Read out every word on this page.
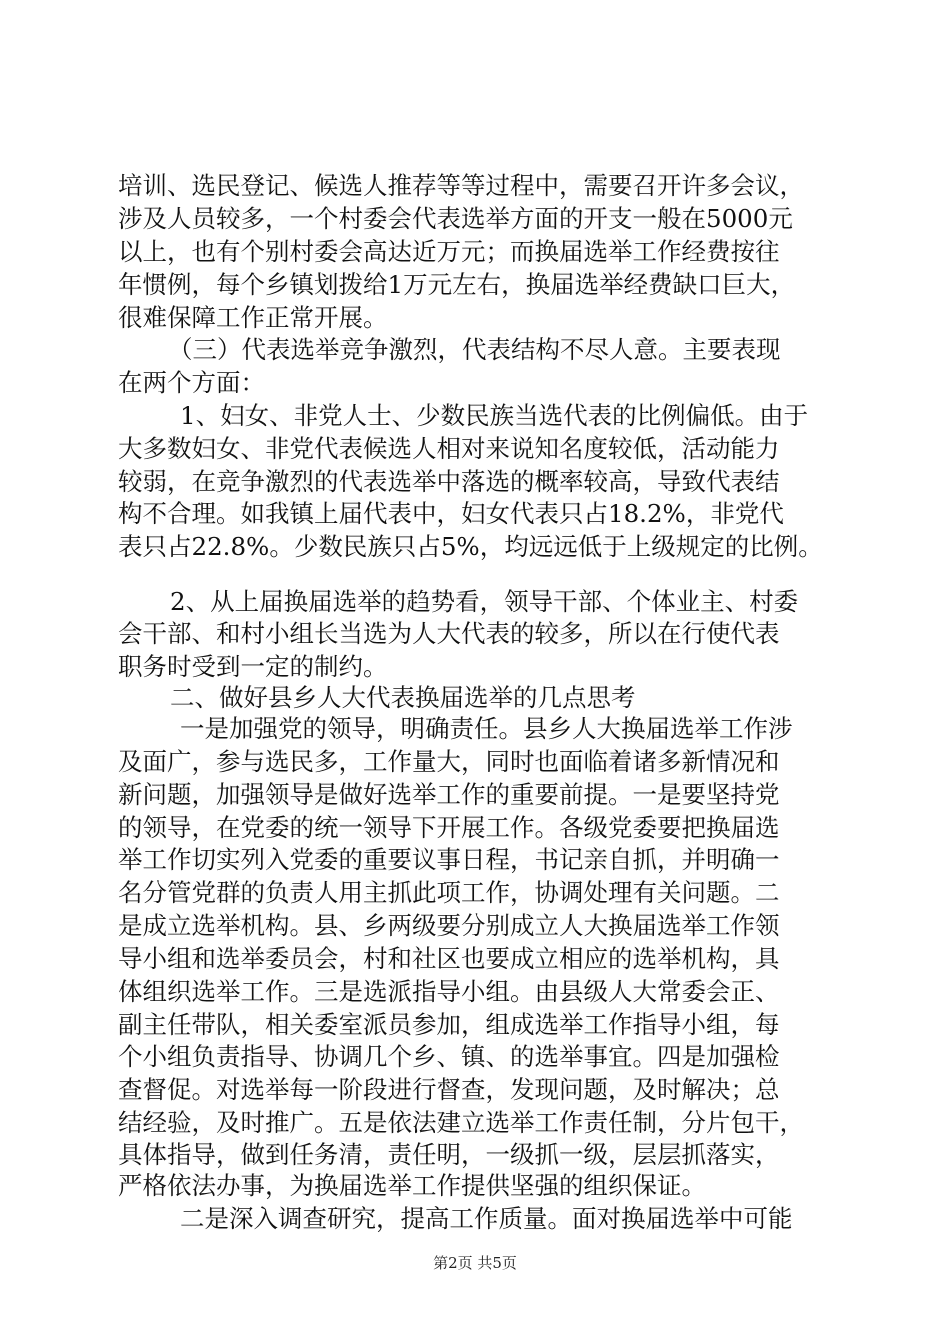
培训、选民登记、候选人推荐等等过程中，需要召开许多会议，
涉及人员较多，一个村委会代表选举方面的开支一般在5000元
以上，也有个别村委会高达近万元；而换届选举工作经费按往
年惯例，每个乡镇划拨给1万元左右，换届选举经费缺口巨大，
很难保障工作正常开展。
（三）代表选举竞争激烈，代表结构不尽人意。主要表现
在两个方面：
1、妇女、非党人士、少数民族当选代表的比例偏低。由于
大多数妇女、非党代表候选人相对来说知名度较低，活动能力
较弱，在竞争激烈的代表选举中落选的概率较高，导致代表结
构不合理。如我镇上届代表中，妇女代表只占18.2%，非党代
表只占22.8%。少数民族只占5%，均远远低于上级规定的比例。
2、从上届换届选举的趋势看，领导干部、个体业主、村委
会干部、和村小组长当选为人大代表的较多，所以在行使代表
职务时受到一定的制约。
二、做好县乡人大代表换届选举的几点思考
一是加强党的领导，明确责任。县乡人大换届选举工作涉
及面广，参与选民多，工作量大，同时也面临着诸多新情况和
新问题，加强领导是做好选举工作的重要前提。一是要坚持党
的领导，在党委的统一领导下开展工作。各级党委要把换届选
举工作切实列入党委的重要议事日程，书记亲自抓，并明确一
名分管党群的负责人用主抓此项工作，协调处理有关问题。二
是成立选举机构。县、乡两级要分别成立人大换届选举工作领
导小组和选举委员会，村和社区也要成立相应的选举机构，具
体组织选举工作。三是选派指导小组。由县级人大常委会正、
副主任带队，相关委室派员参加，组成选举工作指导小组，每
个小组负责指导、协调几个乡、镇、的选举事宜。四是加强检
查督促。对选举每一阶段进行督查，发现问题，及时解决；总
结经验，及时推广。五是依法建立选举工作责任制，分片包干，
具体指导，做到任务清，责任明，一级抓一级，层层抓落实，
严格依法办事，为换届选举工作提供坚强的组织保证。
二是深入调查研究，提高工作质量。面对换届选举中可能
第2页 共5页
